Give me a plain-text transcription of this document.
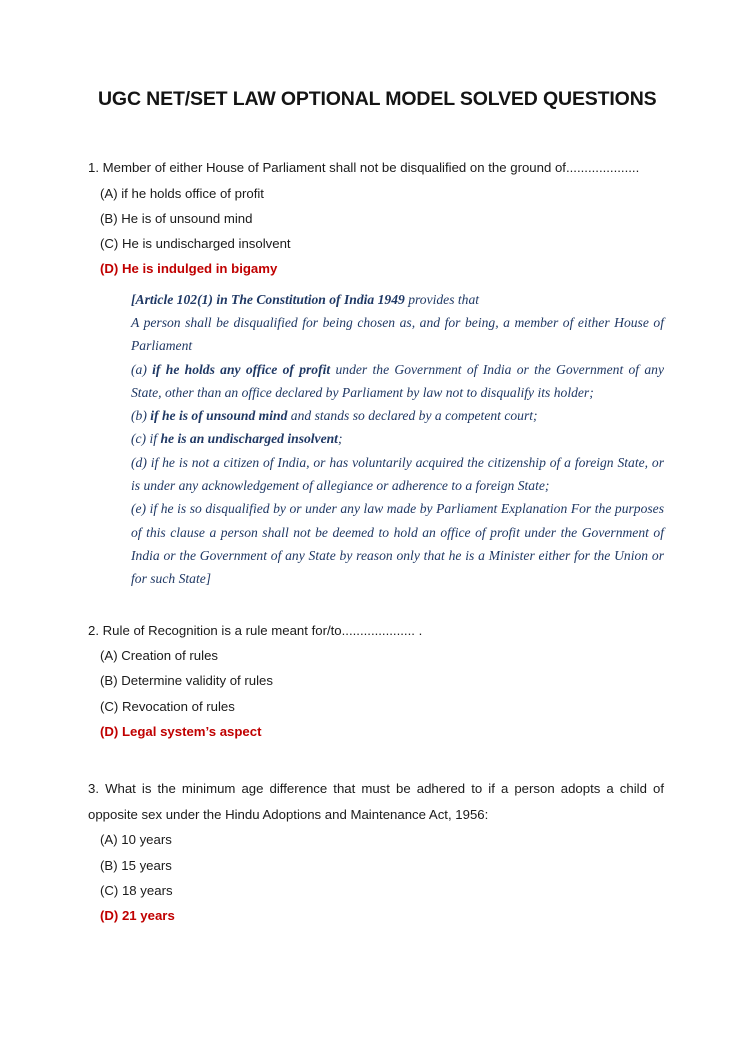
UGC NET/SET LAW OPTIONAL MODEL SOLVED QUESTIONS

1. Member of either House of Parliament shall not be disqualified on the ground of....................

(A) if he holds office of profit
(B) He is of unsound mind
(C) He is undischarged insolvent
(D) He is indulged in bigamy

[Article 102(1) in The Constitution of India 1949 provides that

A person shall be disqualified for being chosen as, and for being, a member of either House of Parliament

(a) if he holds any office of profit under the Government of India or the Government of any State, other than an office declared by Parliament by law not to disqualify its holder;

(b) if he is of unsound mind and stands so declared by a competent court;

(c) if he is an undischarged insolvent;

(d) if he is not a citizen of India, or has voluntarily acquired the citizenship of a foreign State, or is under any acknowledgement of allegiance or adherence to a foreign State;

(e) if he is so disqualified by or under any law made by Parliament Explanation For the purposes of this clause a person shall not be deemed to hold an office of profit under the Government of India or the Government of any State by reason only that he is a Minister either for the Union or for such State]

2. Rule of Recognition is a rule meant for/to.................... .

(A) Creation of rules
(B) Determine validity of rules
(C) Revocation of rules
(D) Legal system’s aspect

3. What is the minimum age difference that must be adhered to if a person adopts a child of opposite sex under the Hindu Adoptions and Maintenance Act, 1956:

(A) 10 years
(B) 15 years
(C) 18 years
(D) 21 years
